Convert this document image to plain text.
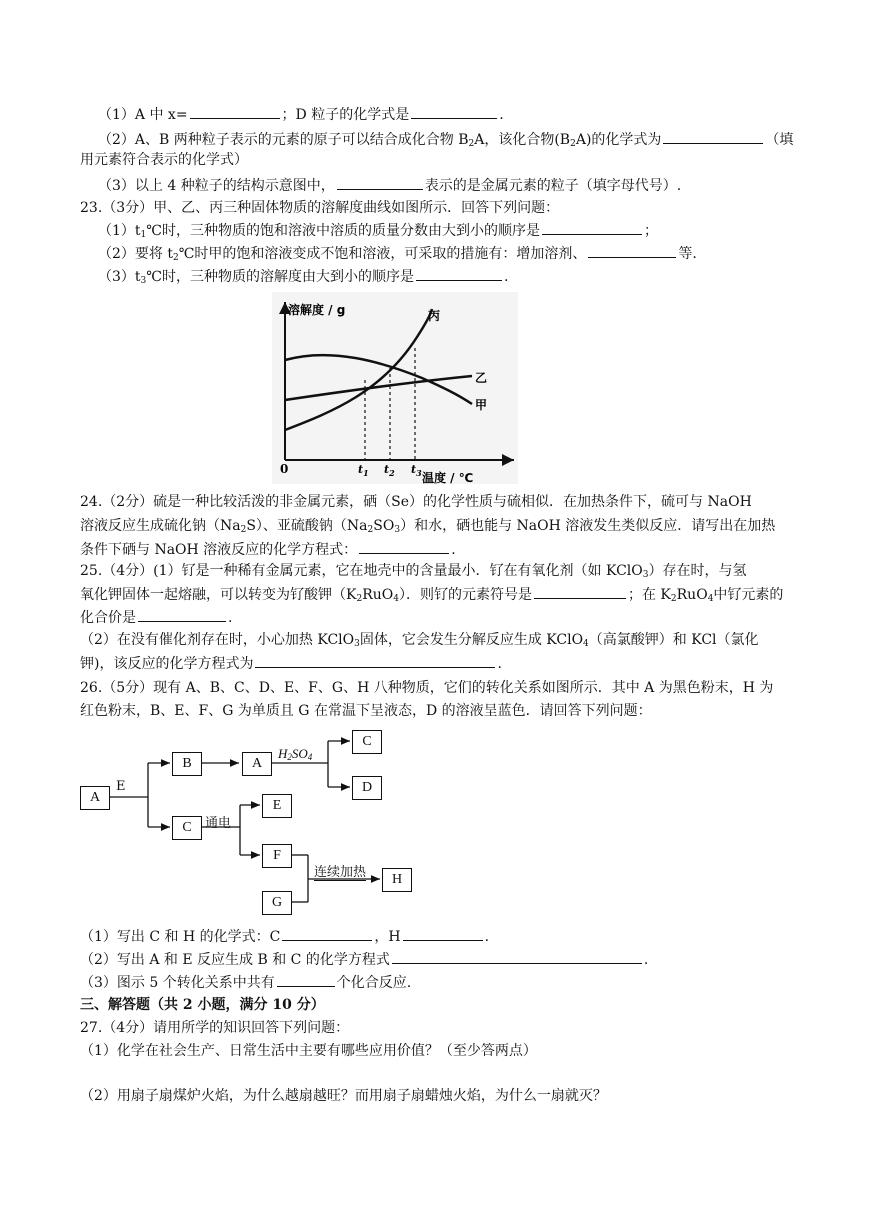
（1）A 中 x=	；D 粒子的化学式是	.
（2）A、B 两种粒子表示的元素的原子可以结合成化合物 $B_2A$，该化合物$(B_2A)$的化学式为	（填
用元素符合表示的化学式）
（3）以上 4 种粒子的结构示意图中，	表示的是金属元素的粒子（填字母代号）.
23.（3分）甲、乙、丙三种固体物质的溶解度曲线如图所示．回答下列问题：
$(1)t_1℃$时，三种物质的饱和溶液中溶质的质量分数由大到小的顺序是	；
（2）要将 $t_2℃$时甲的饱和溶液变成不饱和溶液，可采取的措施有：增加溶剂、	等.
$(3)t_3℃$时，三种物质的溶解度由大到小的顺序是	.
溶解度 / g
温度 / ℃
0	$t_1$ $t_2$ $t_3$
丙
乙
甲
24.（2分）硫是一种比较活泼的非金属元素，硒（Se）的化学性质与硫相似．在加热条件下，硫可与 NaOH
溶液反应生成硫化钠$(Na_2S)$、亚硫酸钠$(Na_2SO_3)$和水，硒也能与 NaOH 溶液发生类似反应．请写出在加热
条件下硒与 NaOH 溶液反应的化学方程式：	.
25.（4分）(1）钌是一种稀有金属元素，它在地壳中的含量最小．钌在有氧化剂（如 KClO$_3$）存在时，与氢
氧化钾固体一起熔融，可以转变为钌酸钾$(K_2RuO_4)$．则钌的元素符号是	；在 $K_2RuO_4$中钌元素的
化合价是	.
（2）在没有催化剂存在时，小心加热 KClO$_3$固体，它会发生分解反应生成 KClO$_4$（高氯酸钾）和 KCl（氯化
钾)，该反应的化学方程式为	.
26.（5分）现有 A、B、C、D、E、F、G、H 八种物质，它们的转化关系如图所示．其中 A 为黑色粉末，H 为
红色粉末，B、E、F、G 为单质且 G 在常温下呈液态，D 的溶液呈蓝色．请回答下列问题：
A
E
B	A
$H_2SO_4$
C
D
C	通电
E
F
G
连续加热	H
（1）写出 C 和 H 的化学式：C	，H	.
（2）写出 A 和 E 反应生成 B 和 C 的化学方程式	.
（3）图示 5 个转化关系中共有	个化合反应.
三、解答题（共 2 小题，满分 10 分）
27.（4分）请用所学的知识回答下列问题：
（1）化学在社会生产、日常生活中主要有哪些应用价值？（至少答两点）
（2）用扇子扇煤炉火焰，为什么越扇越旺？而用扇子扇蜡烛火焰，为什么一扇就灭？
